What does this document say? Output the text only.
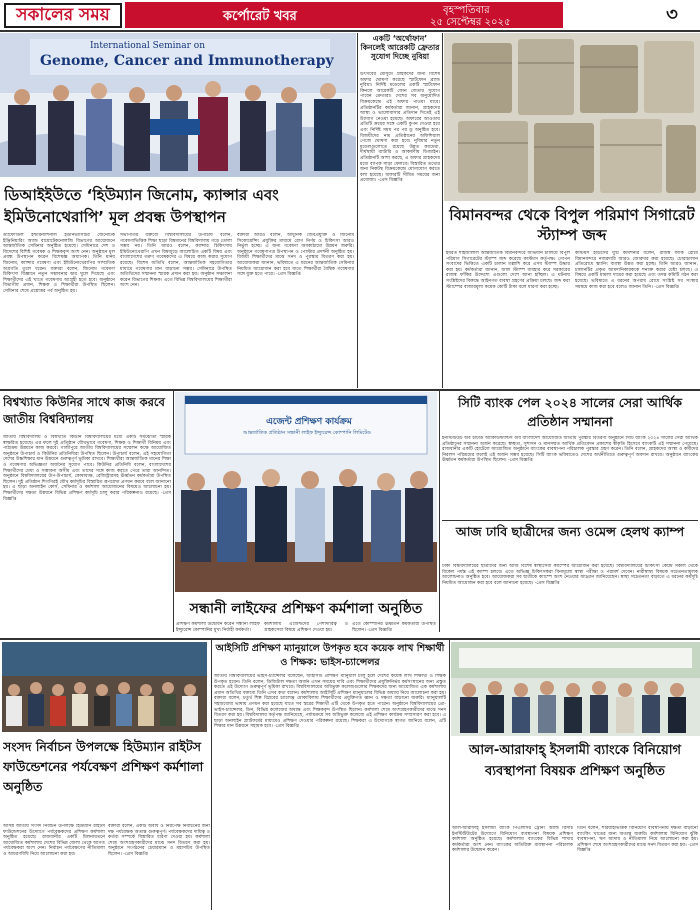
সকালের সময়	কর্পোরেট খবর	বৃহস্পতিবার
২৫ সেপ্টেম্বর ২০২৫	৩
International Seminar on
Genome, Cancer and Immunotherapy
ডিআইইউতে ‘হিউম্যান জিনোম, ক্যান্সার এবং ইমিউনোথেরাপি’ মূল প্রবন্ধ উপস্থাপন
ড্যাফোডিল ইন্টারন্যাশনাল ইউনিভার্সিটির জেনেটিক ইঞ্জিনিয়ারিং অ্যান্ড বায়োটেকনোলজি বিভাগের আয়োজনে আন্তর্জাতিক সেমিনার অনুষ্ঠিত হয়েছে। সেমিনারে দেশ ও বিদেশের বিশিষ্ট গবেষক ও শিক্ষকবৃন্দ অংশ নেন। অনুষ্ঠানে মূল প্রবন্ধ উপস্থাপন করেন বিশেষজ্ঞ অধ্যাপক। তিনি মানব জিনোম, ক্যান্সার গবেষণা এবং ইমিউনোথেরাপির সাম্প্রতিক অগ্রগতি তুলে ধরেন। বক্তারা বলেন, জিনোম গবেষণা চিকিৎসা বিজ্ঞানে নতুন সম্ভাবনার দ্বার খুলে দিয়েছে এবং শিক্ষার্থীদের এই খাতে গবেষণায় আগ্রহী হতে হবে। অনুষ্ঠানে বিভাগীয় প্রধান, শিক্ষক ও শিক্ষার্থীরা উপস্থিত ছিলেন। সেমিনার শেষে প্রশ্নোত্তর পর্ব অনুষ্ঠিত হয়।
সভাপতির বক্তব্যে বিশ্ববিদ্যালয়ের উপাচার্য বলেন, গবেষণাভিত্তিক শিক্ষা ছাড়া বিশ্বমানের বিশ্ববিদ্যালয় গড়ে তোলা সম্ভব নয়। তিনি আরও বলেন, ক্যান্সার চিকিৎসায় ইমিউনোথেরাপি এখন বিশ্বজুড়ে আলোচিত একটি বিষয় এবং বাংলাদেশের তরুণ গবেষকদের এ বিষয়ে কাজ করার সুযোগ রয়েছে। বিশেষ অতিথি বলেন, আন্তর্জাতিক সহযোগিতার মাধ্যমে গবেষণার মান বাড়ানো সম্ভব। সেমিনারে উপস্থিত অতিথিদের সম্মাননা স্মারক প্রদান করা হয়। অনুষ্ঠান সঞ্চালনা করেন বিভাগের শিক্ষক। এতে বিভিন্ন বিশ্ববিদ্যালয়ের শিক্ষার্থীরা অংশ নেন।
বক্তারা আরও বলেন, আধুনিক জৈবপ্রযুক্তি ও জিনোম সিকোয়েন্সিং প্রযুক্তির মাধ্যমে রোগ নির্ণয় ও চিকিৎসা আরও নির্ভুল হচ্ছে। এ জন্য গবেষণা অবকাঠামো উন্নয়ন জরুরি। অনুষ্ঠানে গবেষণাপত্র উপস্থাপন ও পোস্টার প্রদর্শনী অনুষ্ঠিত হয়। বিজয়ী শিক্ষার্থীদের মাঝে সনদ ও পুরস্কার বিতরণ করা হয়। আয়োজকরা জানান, ভবিষ্যতে এ ধরনের আন্তর্জাতিক সেমিনার নিয়মিত আয়োজন করা হবে যাতে শিক্ষার্থীরা বৈশ্বিক গবেষণার সঙ্গে যুক্ত হতে পারে। -প্রেস বিজ্ঞপ্তি
একটি ‘অর্থোফান’ কিনলেই আরেকটি ফ্রেতার সুযোগ দিচ্ছে নুবিয়া
উৎসবের মৌসুমে গ্রাহকদের জন্য বিশেষ অফার ঘোষণা করেছে স্মার্টফোন ব্র্যান্ড নুবিয়া। নির্দিষ্ট মডেলের একটি স্মার্টফোন কিনলে আরেকটি ফোন জেতার সুযোগ পাবেন ক্রেতারা। দেশের সব অনুমোদিত বিক্রয়কেন্দ্রে এই অফার পাওয়া যাবে। প্রতিষ্ঠানটির কর্মকর্তারা জানান, গ্রাহকদের আস্থা ও ভালোবাসার প্রতিদান দিতেই এই উদ্যোগ নেওয়া হয়েছে। অফারের আওতায় প্রতিটি ক্রয়ের সঙ্গে একটি কুপন দেওয়া হবে এবং নির্দিষ্ট সময় পর পর ড্র অনুষ্ঠিত হবে। বিজয়ীদের নাম প্রতিষ্ঠানের অফিশিয়াল পেজে ঘোষণা করা হবে। নুবিয়ার নতুন মডেলগুলোতে রয়েছে উন্নত ক্যামেরা, দীর্ঘস্থায়ী ব্যাটারি ও আকর্ষণীয় ডিজাইন। প্রতিষ্ঠানটি আশা করছে, এ অফার গ্রাহকদের মধ্যে ব্যাপক সাড়া ফেলবে। বিস্তারিত তথ্যের জন্য নিকটস্থ বিক্রয়কেন্দ্রে যোগাযোগ করতে বলা হয়েছে। অফারটি সীমিত সময়ের জন্য প্রযোজ্য। -প্রেস বিজ্ঞপ্তি
বিমানবন্দর থেকে বিপুল পরিমাণ সিগারেট স্ট্যাম্প জব্দ
হযরত শাহজালাল আন্তর্জাতিক বিমানবন্দরে অভিযান চালিয়ে বিপুল পরিমাণ সিগারেটের স্ট্যাম্প জব্দ করেছে কাস্টমস কর্তৃপক্ষ। গোপন সংবাদের ভিত্তিতে একটি চালান তল্লাশি করে এসব স্ট্যাম্প উদ্ধার করা হয়। কর্মকর্তারা জানান, জাল স্ট্যাম্প ব্যবহার করে সরকারের রাজস্ব ফাঁকির উদ্দেশ্যে এগুলো দেশে আনা হচ্ছিল। এ ঘটনায় সংশ্লিষ্টদের বিরুদ্ধে আইনগত ব্যবস্থা গ্রহণের প্রক্রিয়া চলছে। জব্দ করা স্ট্যাম্পের বাজারমূল্য কয়েক কোটি টাকা বলে ধারণা করা হচ্ছে।
কাস্টমস হাউসের যুগ্ম কমিশনার বলেন, রাজস্ব ফাঁকি রোধে বিমানবন্দরে নজরদারি আরও জোরদার করা হয়েছে। চোরাচালান প্রতিরোধে স্ক্যানিং ব্যবস্থা উন্নত করা হচ্ছে। তিনি আরও জানান, চালানটির প্রকৃত আমদানিকারককে শনাক্ত করার চেষ্টা চলছে। এ বিষয়ে একটি মামলা দায়ের করা হয়েছে এবং তদন্ত কমিটি গঠন করা হয়েছে। ভবিষ্যতে এ ধরনের অপরাধ রোধে সংশ্লিষ্ট সব সংস্থার সমন্বয়ে কাজ করা হবে বলেও জানান তিনি। -প্রেস বিজ্ঞপ্তি
বিশ্বখ্যাত কিউনির সাথে কাজ করবে জাতীয় বিশ্ববিদ্যালয়
জাতীয় বিশ্ববিদ্যালয় ও বিশ্বখ্যাত কিউনি বিশ্ববিদ্যালয়ের মধ্যে একটি সমঝোতা স্মারক স্বাক্ষরিত হয়েছে। এর ফলে দুই প্রতিষ্ঠান যৌথভাবে গবেষণা, শিক্ষক ও শিক্ষার্থী বিনিময় এবং পাঠ্যক্রম উন্নয়নে কাজ করবে। গাজীপুরে জাতীয় বিশ্ববিদ্যালয়ের সম্মেলন কক্ষে আয়োজিত অনুষ্ঠানে উপাচার্য ও কিউনির প্রতিনিধিরা উপস্থিত ছিলেন। উপাচার্য বলেন, এই সহযোগিতা দেশের উচ্চশিক্ষার মান উন্নয়নে গুরুত্বপূর্ণ ভূমিকা রাখবে। শিক্ষার্থীরা আন্তর্জাতিক মানের শিক্ষা ও গবেষণার অভিজ্ঞতা অর্জনের সুযোগ পাবে। কিউনির প্রতিনিধি বলেন, বাংলাদেশের শিক্ষার্থীদের মেধা ও সম্ভাবনা অসীম এবং তাদের সঙ্গে কাজ করতে পেরে তারা আনন্দিত। অনুষ্ঠানে বিশ্ববিদ্যালয়ের উপ-উপাচার্য, কোষাধ্যক্ষ, রেজিস্ট্রারসহ ঊর্ধ্বতন কর্মকর্তারা উপস্থিত ছিলেন। দুই প্রতিষ্ঠান শিগগিরই যৌথ কর্মসূচির বিস্তারিত রূপরেখা প্রণয়ন করবে বলে জানানো হয়। এ ছাড়া অনলাইন কোর্স, সেমিনার ও কর্মশালা আয়োজনের বিষয়েও আলোচনা হয়। শিক্ষার্থীদের দক্ষতা উন্নয়নে বিভিন্ন প্রশিক্ষণ কর্মসূচি চালু করার পরিকল্পনাও রয়েছে। -প্রেস বিজ্ঞপ্তি
এজেন্ট প্রশিক্ষণ কার্যক্রম
আন্তর্জাতিক প্রতিষ্ঠান সন্ধানী লাইফ ইন্স্যুরেন্স কোম্পানি লিমিটেড
সিটি ব্যাংক পেল ২০২৪ সালের সেরা আর্থিক প্রতিষ্ঠান সম্মাননা
ইনস্টিটিউট অব চার্টার্ড অ্যাকাউন্ট্যান্টস অব বাংলাদেশ আয়োজিত জাতীয় পুরস্কার বিতরণী অনুষ্ঠানে সিটি ব্যাংক ২০২৪ সালের সেরা আর্থিক প্রতিষ্ঠানের সম্মাননা অর্জন করেছে। স্বচ্ছতা, সুশাসন ও মানসম্মত আর্থিক প্রতিবেদন প্রকাশের স্বীকৃতি হিসেবে ব্যাংকটি এই সম্মাননা পেয়েছে। রাজধানীর একটি হোটেলে আয়োজিত অনুষ্ঠানে ব্যাংকের ব্যবস্থাপনা পরিচালক পুরস্কার গ্রহণ করেন। তিনি বলেন, গ্রাহকদের আস্থা ও কর্মীদের নিরলস পরিশ্রমের ফলেই এই অর্জন সম্ভব হয়েছে। সিটি ব্যাংক ভবিষ্যতেও দেশের অর্থনীতিতে গুরুত্বপূর্ণ অবদান রাখবে। অনুষ্ঠানে ব্যাংকের ঊর্ধ্বতন কর্মকর্তারা উপস্থিত ছিলেন। -প্রেস বিজ্ঞপ্তি
আজ ঢাবি ছাত্রীদের জন্য ওমেন্স হেলথ ক্যাম্প
ঢাকা বিশ্ববিদ্যালয়ের ছাত্রীদের জন্য আজ বিশেষ স্বাস্থ্যসেবা ক্যাম্পের আয়োজন করা হয়েছে। বিশ্ববিদ্যালয়ের চিকিৎসা কেন্দ্রে সকাল থেকে বিকেল পর্যন্ত এই ক্যাম্প চলবে। এতে অভিজ্ঞ চিকিৎসকরা বিনামূল্যে স্বাস্থ্য পরীক্ষা ও পরামর্শ দেবেন। নারীস্বাস্থ্য বিষয়ক সচেতনতামূলক আলোচনাও অনুষ্ঠিত হবে। আয়োজকরা সব ছাত্রীকে ক্যাম্পে অংশ নেওয়ার আহ্বান জানিয়েছেন। স্বাস্থ্য সচেতনতা বাড়াতে এ ধরনের কর্মসূচি নিয়মিত আয়োজন করা হবে বলে জানানো হয়েছে। -প্রেস বিজ্ঞপ্তি
সন্ধানী লাইফের প্রশিক্ষণ কর্মশালা অনুষ্ঠিত
প্রশিক্ষণ কর্মশালা উদ্বোধন করেন সন্ধানী লাইফ ইন্স্যুরেন্স কোম্পানির মুখ্য নির্বাহী কর্মকর্তা।
কর্মশালায় এজেন্টদের পেশাদারিত্ব ও গ্রাহকসেবা বিষয়ে প্রশিক্ষণ দেওয়া হয়।
এতে কোম্পানির ঊর্ধ্বতন কর্মকর্তারা উপস্থিত ছিলেন। -প্রেস বিজ্ঞপ্তি
আইসিটি প্রশিক্ষণ ম্যানুয়ালে উপকৃত হবে কয়েক লাখ শিক্ষার্থী ও শিক্ষক: ভাইস-চ্যান্সেলর
জাতীয় বিশ্ববিদ্যালয়ের ভাইস-চ্যান্সেলর বলেছেন, আইসিটি প্রশিক্ষণ ম্যানুয়াল চালু হলে দেশের কয়েক লাখ শিক্ষার্থী ও শিক্ষক উপকৃত হবেন। তিনি বলেন, ডিজিটাল দক্ষতা অর্জন এখন সময়ের দাবি এবং শিক্ষার্থীদের প্রযুক্তিনির্ভর কর্মসংস্থানের জন্য প্রস্তুত করতে এই উদ্যোগ গুরুত্বপূর্ণ ভূমিকা রাখবে। বিশ্ববিদ্যালয়ের অধিভুক্ত কলেজগুলোর শিক্ষকদের জন্য আয়োজিত এক কর্মশালায় প্রধান অতিথির বক্তব্যে তিনি এসব কথা বলেন। কর্মশালায় আইসিটি প্রশিক্ষণ ম্যানুয়ালের বিভিন্ন অধ্যায় নিয়ে আলোচনা করা হয়। বক্তারা বলেন, চতুর্থ শিল্প বিপ্লবের চ্যালেঞ্জ মোকাবিলায় শিক্ষার্থীদের প্রযুক্তিগত জ্ঞান ও দক্ষতা বাড়ানো জরুরি। ম্যানুয়ালটি সহজবোধ্য ভাষায় প্রণয়ন করা হয়েছে যাতে সব স্তরের শিক্ষার্থী এটি থেকে উপকৃত হতে পারেন। অনুষ্ঠানে বিশ্ববিদ্যালয়ের প্রো-ভাইস-চ্যান্সেলর, ডিন, বিভিন্ন কলেজের অধ্যক্ষ এবং শিক্ষকবৃন্দ উপস্থিত ছিলেন। কর্মশালা শেষে অংশগ্রহণকারীদের মাঝে সনদ বিতরণ করা হয়। বিশ্ববিদ্যালয় কর্তৃপক্ষ জানিয়েছে, পর্যায়ক্রমে সব অধিভুক্ত কলেজে এই প্রশিক্ষণ কার্যক্রম সম্প্রসারণ করা হবে। এ ছাড়া অনলাইন প্ল্যাটফর্মের মাধ্যমেও প্রশিক্ষণ দেওয়ার পরিকল্পনা রয়েছে। শিক্ষকরা এ উদ্যোগকে স্বাগত জানিয়ে বলেন, এটি শিক্ষার মান উন্নয়নে সহায়ক হবে। -প্রেস বিজ্ঞপ্তি
সংসদ নির্বাচন উপলক্ষে হিউম্যান রাইটস ফাউন্ডেশনের পর্যবেক্ষণ প্রশিক্ষণ কর্মশালা অনুষ্ঠিত
আসন্ন জাতীয় সংসদ নির্বাচন উপলক্ষে হিউম্যান রাইটস ফাউন্ডেশনের উদ্যোগে পর্যবেক্ষকদের প্রশিক্ষণ কর্মশালা অনুষ্ঠিত হয়েছে। রাজধানীর একটি মিলনায়তনে আয়োজিত কর্মশালায় দেশের বিভিন্ন জেলা থেকে আগত পর্যবেক্ষকরা অংশ নেন। নির্বাচন পর্যবেক্ষণের নীতিমালা ও আচরণবিধি নিয়ে আলোচনা করা হয়।
বক্তারা বলেন, একটি অবাধ ও নিরপেক্ষ নির্বাচনের জন্য দক্ষ পর্যবেক্ষক অত্যন্ত গুরুত্বপূর্ণ। পর্যবেক্ষকদের দায়িত্ব ও কর্তব্য সম্পর্কে বিস্তারিত ধারণা দেওয়া হয়। কর্মশালা শেষে অংশগ্রহণকারীদের মাঝে সনদ বিতরণ করা হয়। অনুষ্ঠানে সংগঠনের চেয়ারম্যান ও মহাসচিব উপস্থিত ছিলেন। -প্রেস বিজ্ঞপ্তি
আল-আরাফাহ্ ইসলামী ব্যাংকে বিনিয়োগ ব্যবস্থাপনা বিষয়ক প্রশিক্ষণ অনুষ্ঠিত
আল-আরাফাহ্ ইসলামী ব্যাংক পিএলসির ট্রেনিং অ্যান্ড রিসার্চ ইনস্টিটিউটের উদ্যোগে বিনিয়োগ ব্যবস্থাপনা বিষয়ক প্রশিক্ষণ কর্মশালা অনুষ্ঠিত হয়েছে। কর্মশালায় ব্যাংকের বিভিন্ন শাখার কর্মকর্তারা অংশ নেন। ব্যাংকের অতিরিক্ত ব্যবস্থাপনা পরিচালক কর্মশালার উদ্বোধন করেন।
তিনি বলেন, শরিয়াহভিত্তিক বিনিয়োগ ব্যবস্থাপনায় দক্ষতা বাড়ানো ব্যাংকিং খাতের জন্য অত্যন্ত জরুরি। কর্মশালায় বিনিয়োগ ঝুঁকি ব্যবস্থাপনা, ঋণ আদায় ও নীতিমালা নিয়ে আলোচনা করা হয়। প্রশিক্ষণ শেষে অংশগ্রহণকারীদের মাঝে সনদ বিতরণ করা হয়। -প্রেস বিজ্ঞপ্তি
